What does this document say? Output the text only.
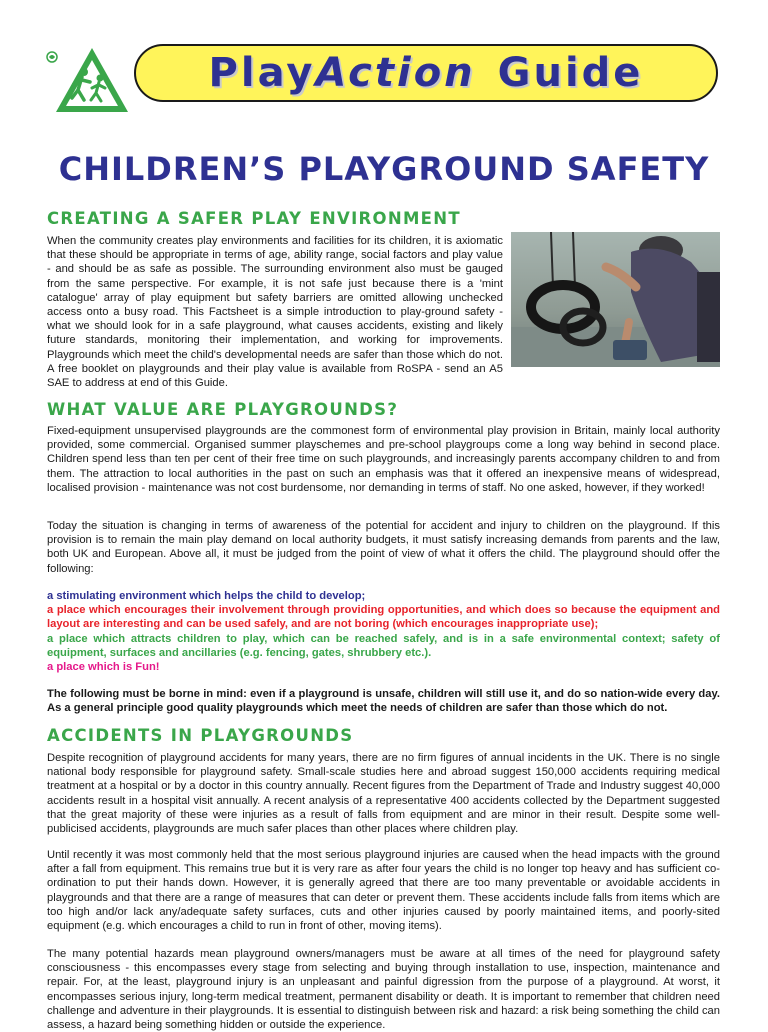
PlayAction Guide
CHILDREN’S PLAYGROUND SAFETY
CREATING A SAFER PLAY ENVIRONMENT

When the community creates play environments and facilities for its children, it is axiomatic that these should be appropriate in terms of age, ability range, social factors and play value - and should be as safe as possible. The surrounding environment also must be gauged from the same perspective. For example, it is not safe just because there is a 'mint catalogue' array of play equipment but safety barriers are omitted allowing unchecked access onto a busy road. This Factsheet is a simple introduction to play-ground safety - what we should look for in a safe playground, what causes accidents, existing and likely future standards, monitoring their implementation, and working for improvements. Playgrounds which meet the child's developmental needs are safer than those which do not. A free booklet on playgrounds and their play value is available from RoSPA - send an A5 SAE to address at end of this Guide.

WHAT VALUE ARE PLAYGROUNDS?

Fixed-equipment unsupervised playgrounds are the commonest form of environmental play provision in Britain, mainly local authority provided, some commercial. Organised summer playschemes and pre-school playgroups come a long way behind in second place. Children spend less than ten per cent of their free time on such playgrounds, and increasingly parents accompany children to and from them. The attraction to local authorities in the past on such an emphasis was that it offered an inexpensive means of widespread, localised provision - maintenance was not cost burdensome, nor demanding in terms of staff. No one asked, however, if they worked!

Today the situation is changing in terms of awareness of the potential for accident and injury to children on the playground. If this provision is to remain the main play demand on local authority budgets, it must satisfy increasing demands from parents and the law, both UK and European. Above all, it must be judged from the point of view of what it offers the child. The playground should offer the following:

a stimulating environment which helps the child to develop;
a place which encourages their involvement through providing opportunities, and which does so because the equipment and layout are interesting and can be used safely, and are not boring (which encourages inappropriate use);
a place which attracts children to play, which can be reached safely, and is in a safe environmental context; safety of equipment, surfaces and ancillaries (e.g. fencing, gates, shrubbery etc.).
a place which is Fun!

The following must be borne in mind: even if a playground is unsafe, children will still use it, and do so nation-wide every day. As a general principle good quality playgrounds which meet the needs of children are safer than those which do not.

ACCIDENTS IN PLAYGROUNDS

Despite recognition of playground accidents for many years, there are no firm figures of annual incidents in the UK. There is no single national body responsible for playground safety. Small-scale studies here and abroad suggest 150,000 accidents requiring medical treatment at a hospital or by a doctor in this country annually. Recent figures from the Department of Trade and Industry suggest 40,000 accidents result in a hospital visit annually. A recent analysis of a representative 400 accidents collected by the Department suggested that the great majority of these were injuries as a result of falls from equipment and are minor in their result. Despite some well-publicised accidents, playgrounds are much safer places than other places where children play.

Until recently it was most commonly held that the most serious playground injuries are caused when the head impacts with the ground after a fall from equipment. This remains true but it is very rare as after four years the child is no longer top heavy and has sufficient co-ordination to put their hands down. However, it is generally agreed that there are too many preventable or avoidable accidents in playgrounds and that there are a range of measures that can deter or prevent them. These accidents include falls from items which are too high and/or lack any/adequate safety surfaces, cuts and other injuries caused by poorly maintained items, and poorly-sited equipment (e.g. which encourages a child to run in front of other, moving items).

The many potential hazards mean playground owners/managers must be aware at all times of the need for playground safety consciousness - this encompasses every stage from selecting and buying through installation to use, inspection, maintenance and repair. For, at the least, playground injury is an unpleasant and painful digression from the purpose of a playground. At worst, it encompasses serious injury, long-term medical treatment, permanent disability or death. It is important to remember that children need challenge and adventure in their playgrounds. It is essential to distinguish between risk and hazard: a risk being something the child can assess, a hazard being something hidden or outside the experience.
